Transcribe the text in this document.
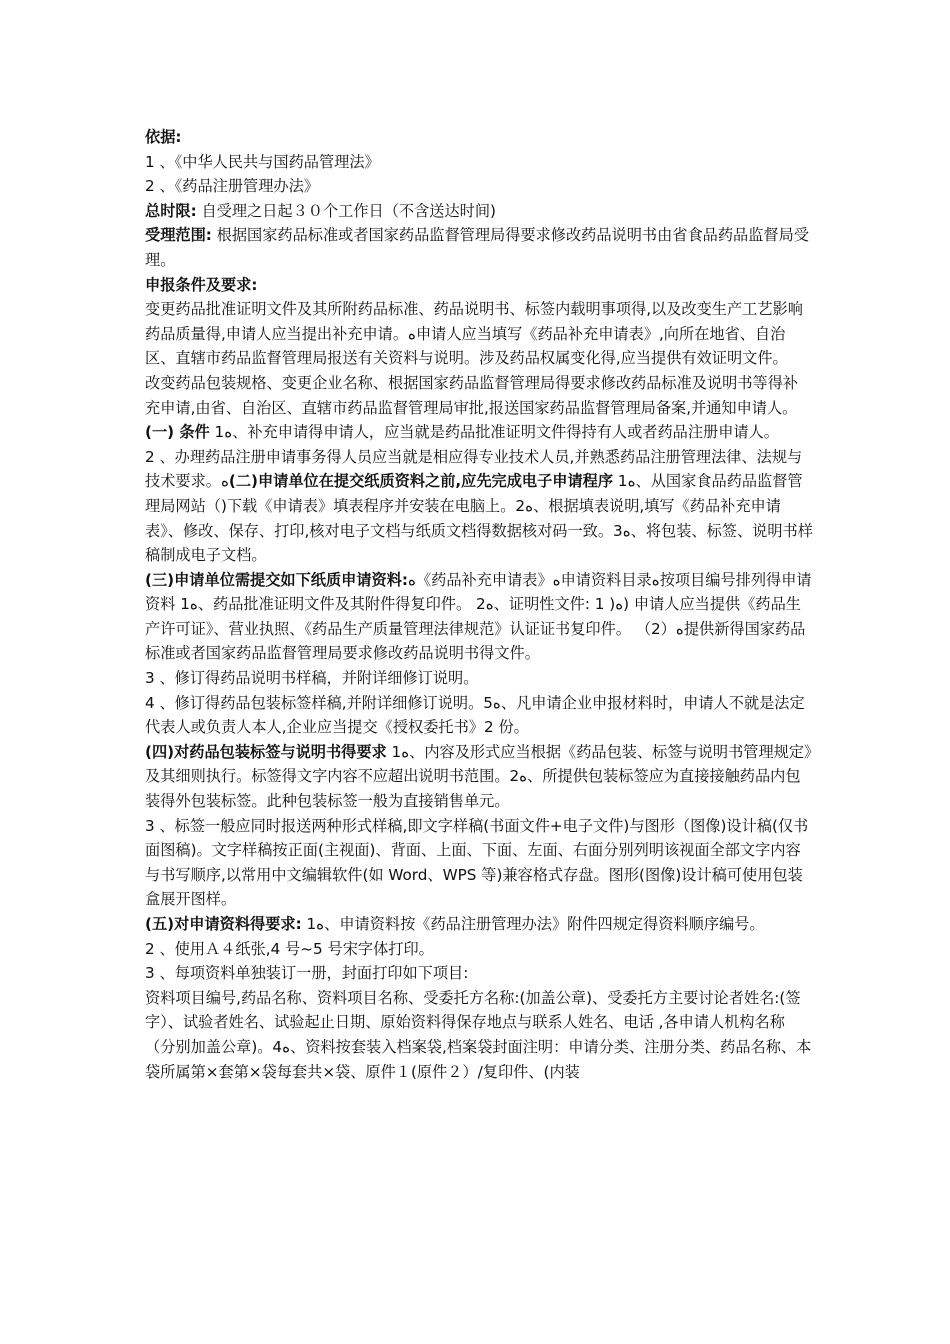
依据:

1 、《中华人民共与国药品管理法》

2 、《药品注册管理办法》

总时限: 自受理之日起３０个工作日（不含送达时间)

受理范围: 根据国家药品标准或者国家药品监督管理局得要求修改药品说明书由省食品药品监督局受理。

申报条件及要求:

变更药品批准证明文件及其所附药品标准、药品说明书、标签内载明事项得,以及改变生产工艺影响药品质量得,申请人应当提出补充申请。ﻩ申请人应当填写《药品补充申请表》,向所在地省、自治区、直辖市药品监督管理局报送有关资料与说明。涉及药品权属变化得,应当提供有效证明文件。

改变药品包装规格、变更企业名称、根据国家药品监督管理局得要求修改药品标准及说明书等得补充申请,由省、自治区、直辖市药品监督管理局审批,报送国家药品监督管理局备案,并通知申请人。

(一) 条件 1ﻩ、补充申请得申请人，应当就是药品批准证明文件得持有人或者药品注册申请人。

2 、办理药品注册申请事务得人员应当就是相应得专业技术人员,并熟悉药品注册管理法律、法规与技术要求。ﻩ(二)申请单位在提交纸质资料之前,应先完成电子申请程序 1ﻩ、从国家食品药品监督管理局网站（)下载《申请表》填表程序并安装在电脑上。2ﻩ、根据填表说明,填写《药品补充申请表》、修改、保存、打印,核对电子文档与纸质文档得数据核对码一致。3ﻩ、将包装、标签、说明书样稿制成电子文档。

(三)申请单位需提交如下纸质申请资料:ﻩ《药品补充申请表》ﻩ申请资料目录ﻩ按项目编号排列得申请资料 1ﻩ、药品批准证明文件及其附件得复印件。 2ﻩ、证明性文件: 1 )ﻩ) 申请人应当提供《药品生产许可证》、营业执照、《药品生产质量管理法律规范》认证证书复印件。 （2）ﻩ提供新得国家药品标准或者国家药品监督管理局要求修改药品说明书得文件。

3 、修订得药品说明书样稿，并附详细修订说明。

4 、修订得药品包装标签样稿,并附详细修订说明。5ﻩ、凡申请企业申报材料时，申请人不就是法定代表人或负责人本人,企业应当提交《授权委托书》2 份。

(四)对药品包装标签与说明书得要求 1ﻩ、内容及形式应当根据《药品包装、标签与说明书管理规定》及其细则执行。标签得文字内容不应超出说明书范围。2ﻩ、所提供包装标签应为直接接触药品内包装得外包装标签。此种包装标签一般为直接销售单元。

3 、标签一般应同时报送两种形式样稿,即文字样稿(书面文件+电子文件)与图形（图像)设计稿(仅书面图稿)。文字样稿按正面(主视面)、背面、上面、下面、左面、右面分别列明该视面全部文字内容与书写顺序,以常用中文编辑软件(如 Word、WPS 等)兼容格式存盘。图形(图像)设计稿可使用包装盒展开图样。

(五)对申请资料得要求: 1ﻩ、申请资料按《药品注册管理办法》附件四规定得资料顺序编号。

2 、使用Ａ４纸张,4 号~5 号宋字体打印。

3 、每项资料单独装订一册，封面打印如下项目:

资料项目编号,药品名称、资料项目名称、受委托方名称:(加盖公章)、受委托方主要讨论者姓名:(签字）、试验者姓名、试验起止日期、原始资料得保存地点与联系人姓名、电话 ,各申请人机构名称（分别加盖公章)。4ﻩ、资料按套装入档案袋,档案袋封面注明：申请分类、注册分类、药品名称、本袋所属第×套第×袋每套共×袋、原件１(原件２）/复印件、(内装
